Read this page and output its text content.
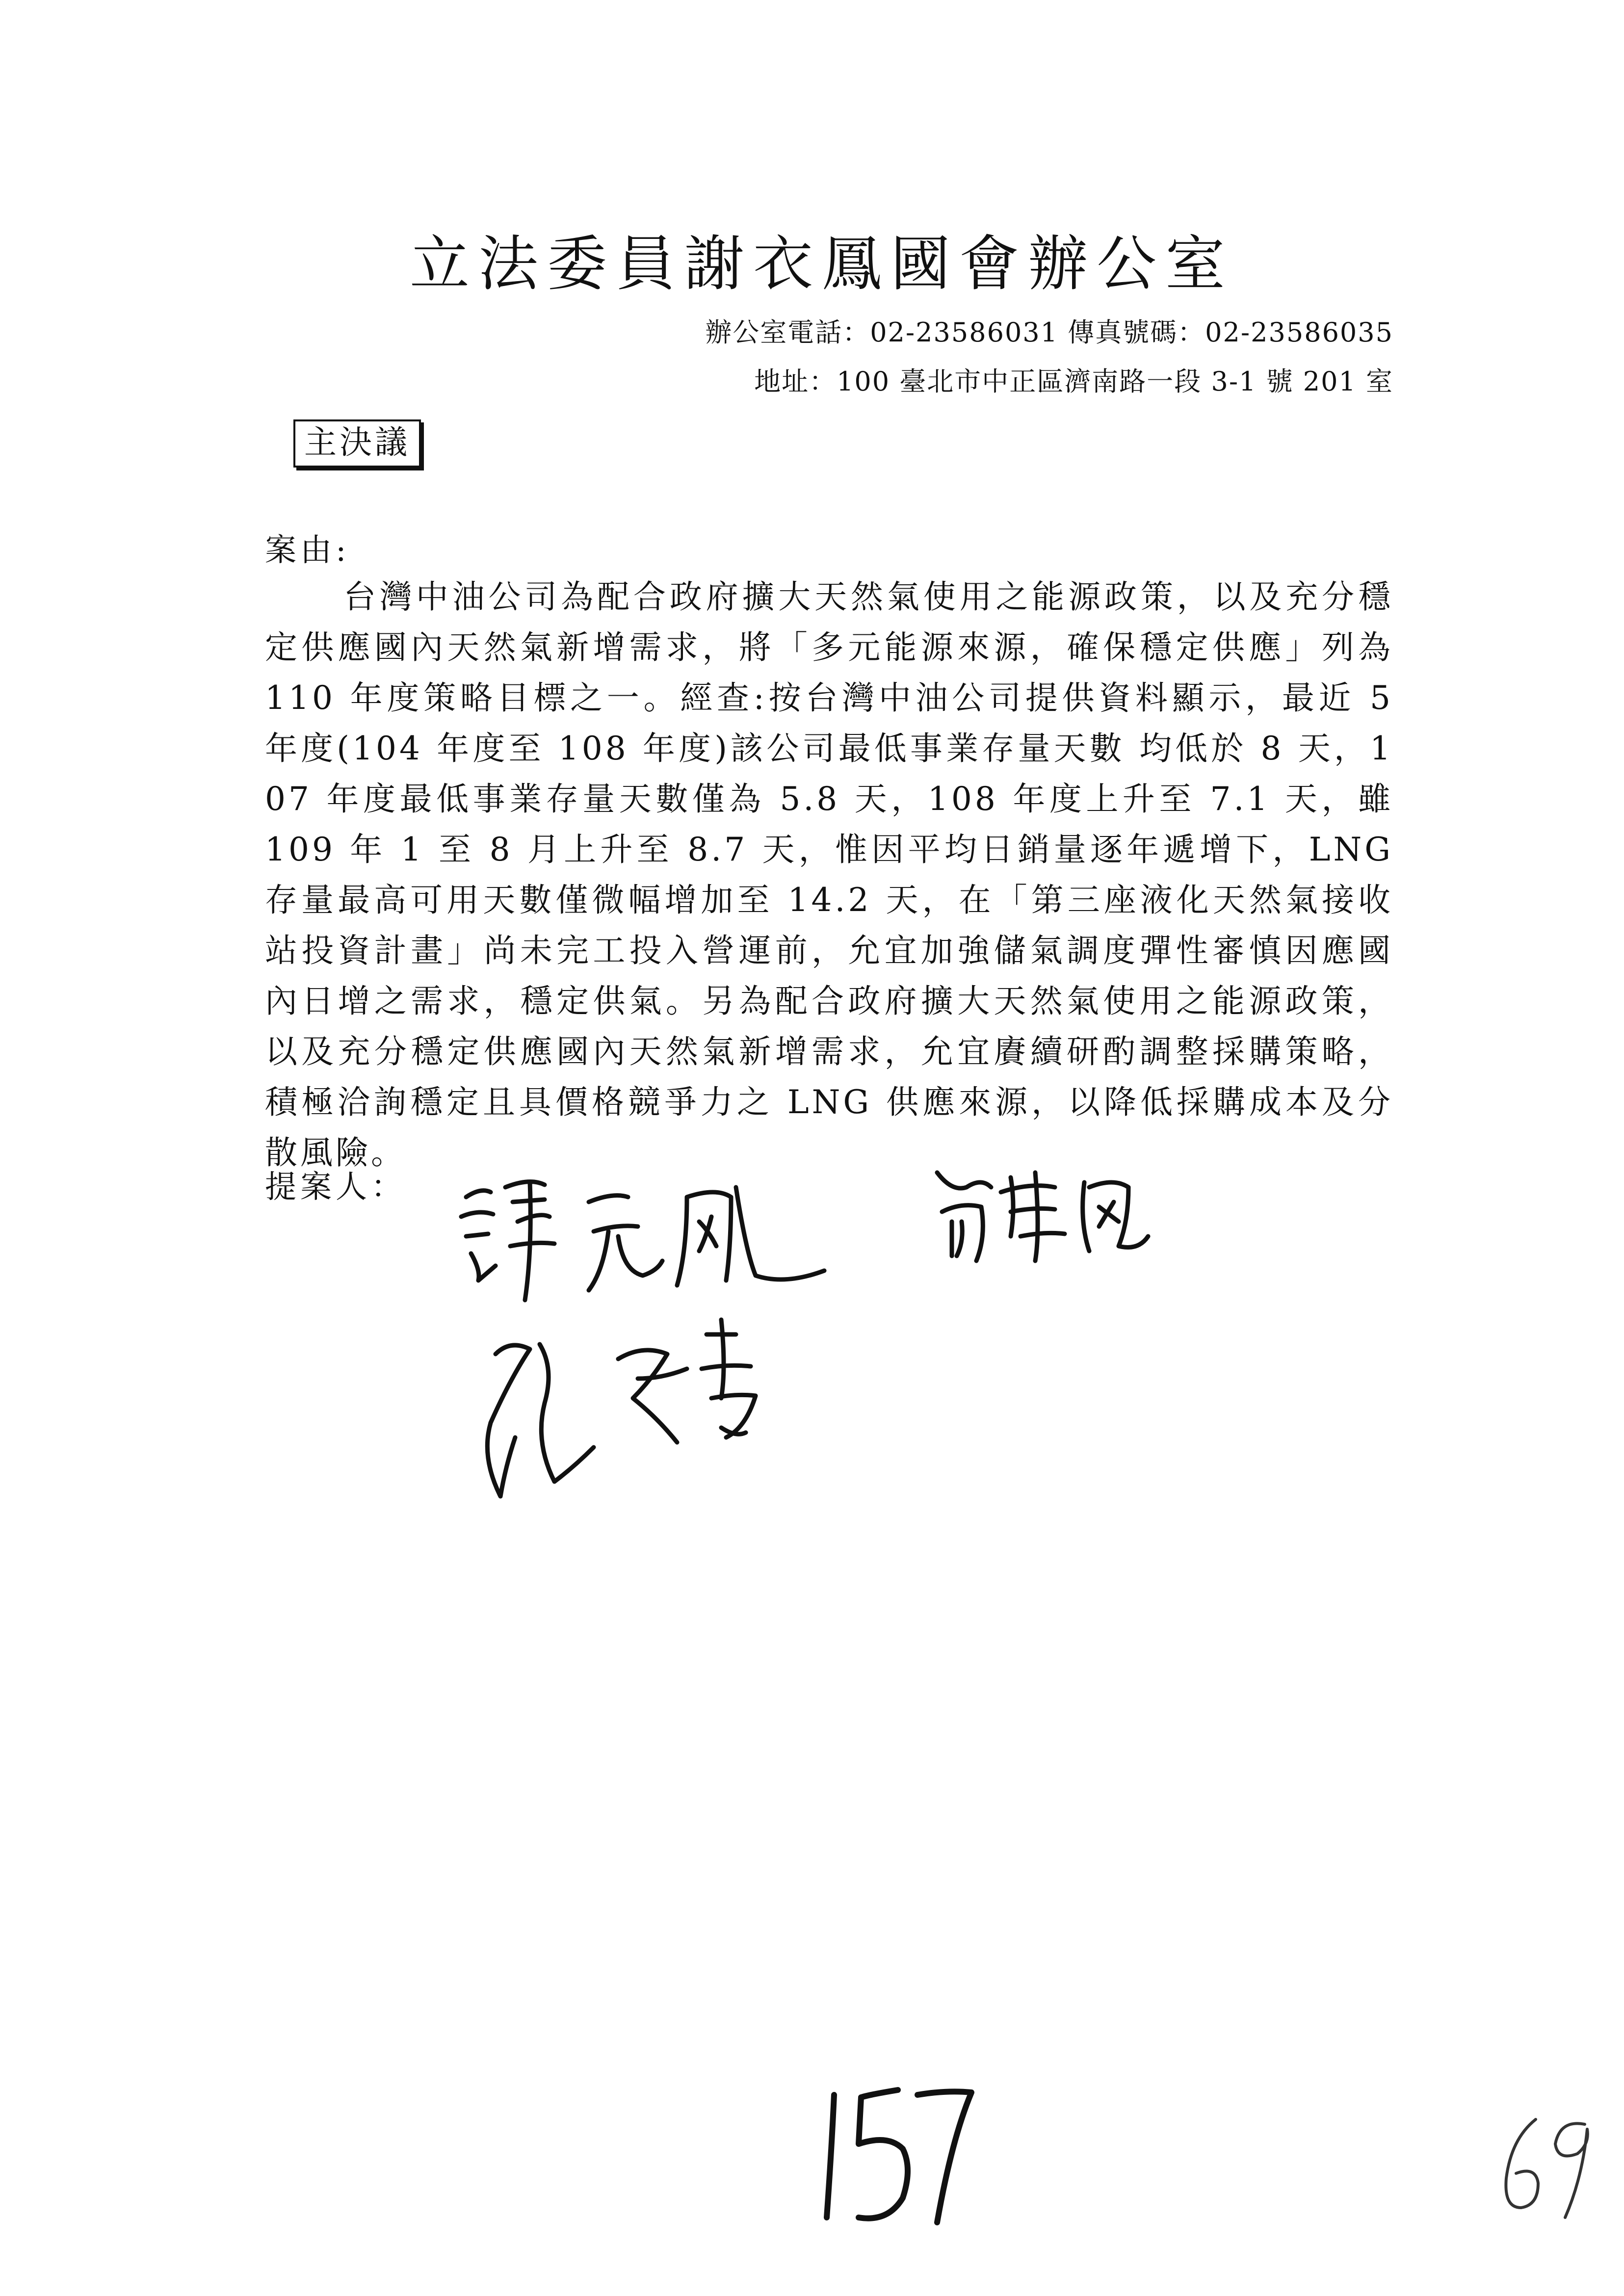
立法委員謝衣鳳國會辦公室
辦公室電話：02-23586031 傳真號碼：02-23586035
地址：100 臺北市中正區濟南路一段 3-1 號 201 室
主決議
案由:
台灣中油公司為配合政府擴大天然氣使用之能源政策，以及充分穩定供應國內天然氣新增需求，將「多元能源來源，確保穩定供應」列為 110 年度策略目標之一。經查:按台灣中油公司提供資料顯示，最近 5 年度(104 年度至 108 年度)該公司最低事業存量天數 均低於 8 天，107 年度最低事業存量天數僅為 5.8 天，108 年度上升至 7.1 天，雖 109 年 1 至 8 月上升至 8.7 天，惟因平均日銷量逐年遞增下，LNG 存量最高可用天數僅微幅增加至 14.2 天，在「第三座液化天然氣接收站投資計畫」尚未完工投入營運前，允宜加強儲氣調度彈性審慎因應國內日增之需求，穩定供氣。另為配合政府擴大天然氣使用之能源政策，以及充分穩定供應國內天然氣新增需求，允宜賡續研酌調整採購策略，積極洽詢穩定且具價格競爭力之 LNG 供應來源，以降低採購成本及分散風險。
提案人：
